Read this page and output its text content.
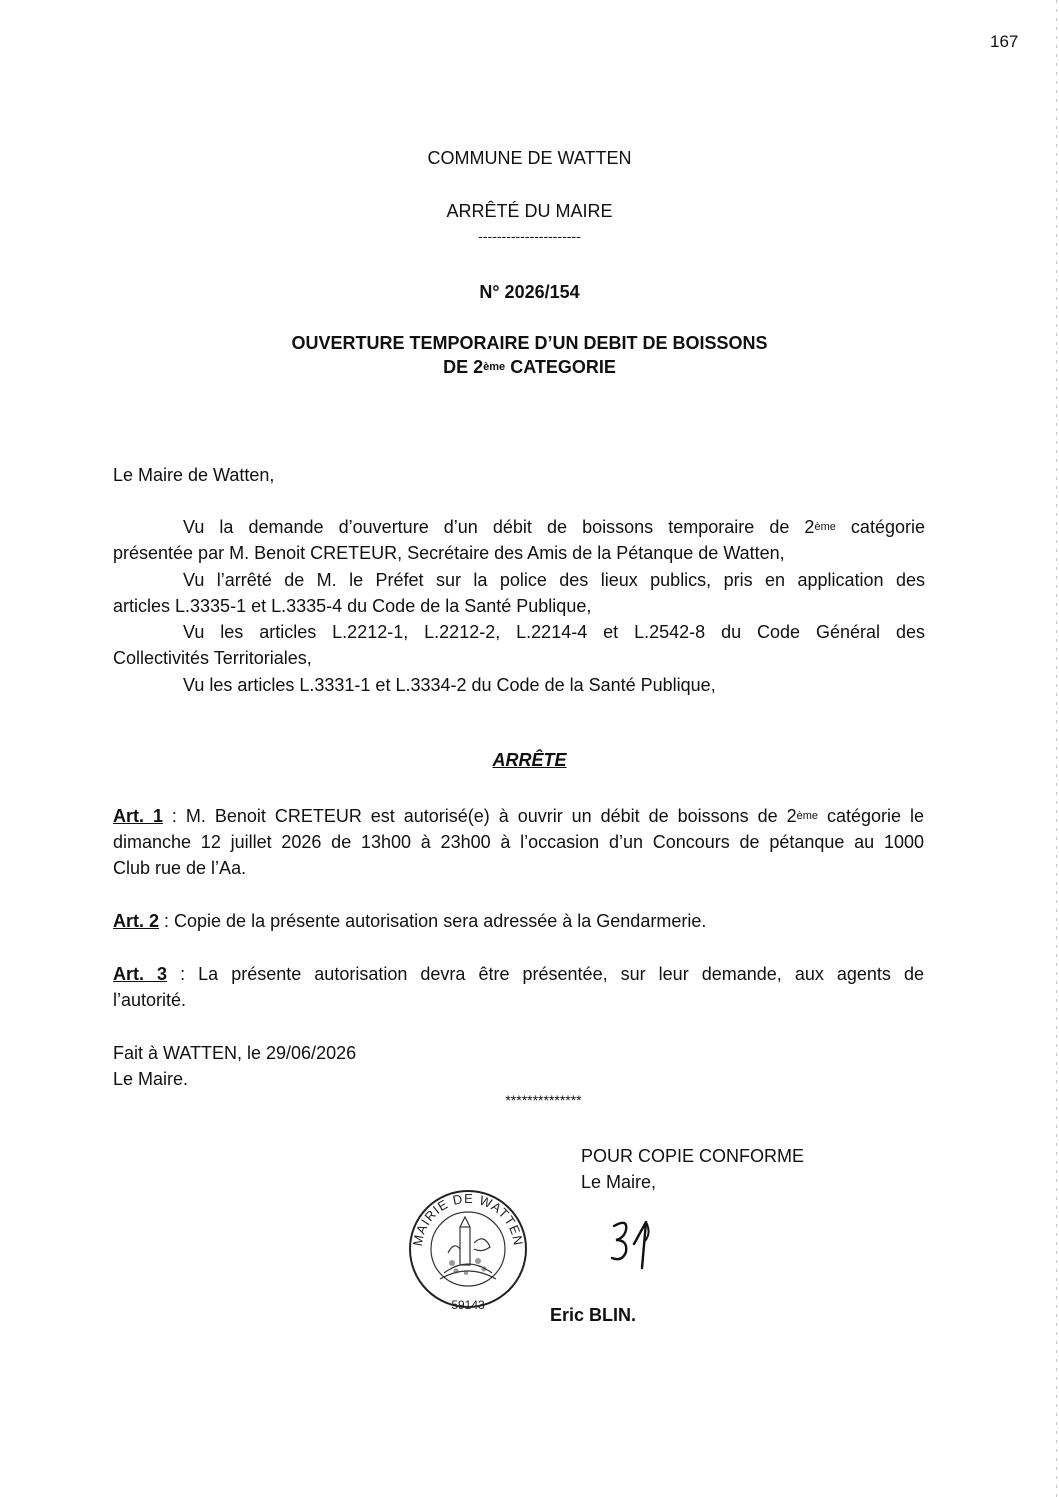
167
COMMUNE DE WATTEN
ARRÊTÉ DU MAIRE
----------------------
N° 2026/154
OUVERTURE TEMPORAIRE D’UN DEBIT DE BOISSONS
DE 2ème CATEGORIE
Le Maire de Watten,
Vu la demande d’ouverture d’un débit de boissons temporaire de 2ème catégorie
présentée par M. Benoit CRETEUR, Secrétaire des Amis de la Pétanque de Watten,
Vu l’arrêté de M. le Préfet sur la police des lieux publics, pris en application des
articles L.3335-1 et L.3335-4 du Code de la Santé Publique,
Vu les articles L.2212-1, L.2212-2, L.2214-4 et L.2542-8 du Code Général des
Collectivités Territoriales,
Vu les articles L.3331-1 et L.3334-2 du Code de la Santé Publique,
ARRÊTE
Art. 1 : M. Benoit CRETEUR est autorisé(e) à ouvrir un débit de boissons de 2ème catégorie le
dimanche 12 juillet 2026 de 13h00 à 23h00 à l’occasion d’un Concours de pétanque au 1000
Club rue de l’Aa.
Art. 2 : Copie de la présente autorisation sera adressée à la Gendarmerie.
Art. 3 : La présente autorisation devra être présentée, sur leur demande, aux agents de
l’autorité.
Fait à WATTEN, le 29/06/2026
Le Maire.
**************
POUR COPIE CONFORME
Le Maire,
MAIRIE DE WATTEN
59143	Eric BLIN.
